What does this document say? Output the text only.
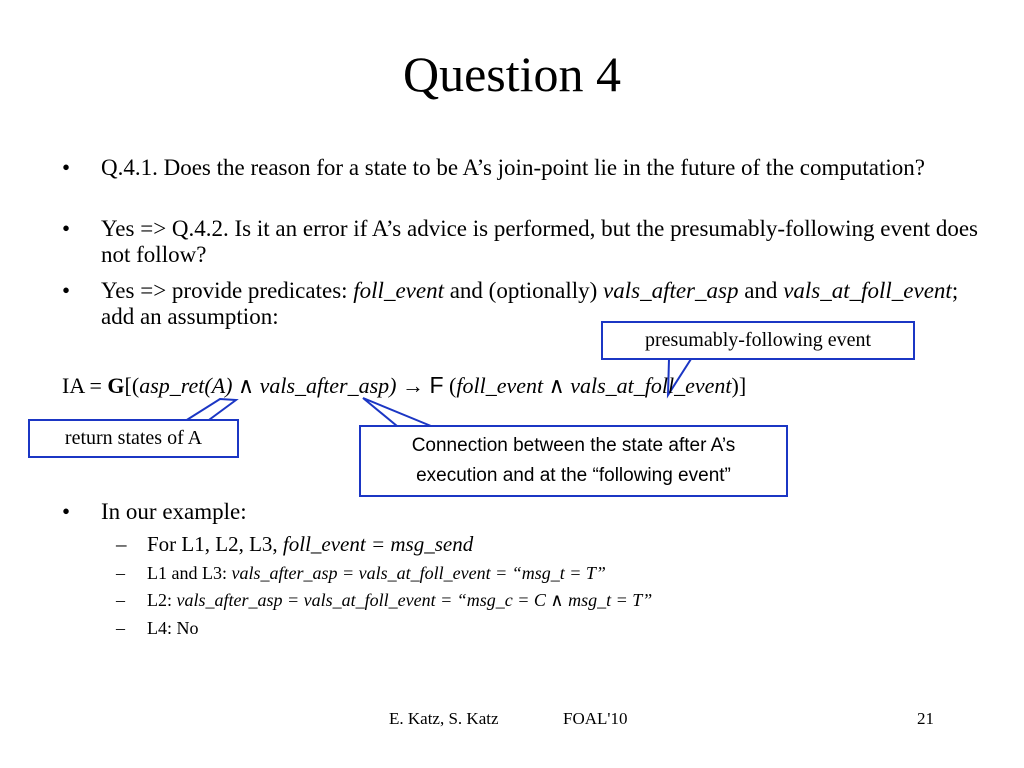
Question 4
•	Q.4.1. Does the reason for a state to be A’s join-point lie in the future of the computation?
•	Yes => Q.4.2. Is it an error if A’s advice is performed, but the presumably-following event does not follow?
•	Yes => provide predicates: foll_event and (optionally) vals_after_asp and vals_at_foll_event; add an assumption:
presumably-following event
IA = G[(asp_ret(A) ∧ vals_after_asp) → F (foll_event ∧ vals_at_foll_event)]
return states of A	Connection between the state after A’s
execution and at the “following event”
•	In our example:
– For L1, L2, L3, foll_event = msg_send
–	L1 and L3: vals_after_asp = vals_at_foll_event = “msg_t = T”
–	L2: vals_after_asp = vals_at_foll_event = “msg_c = C ∧ msg_t = T”
–	L4: No
E. Katz, S. Katz	FOAL'10	21
